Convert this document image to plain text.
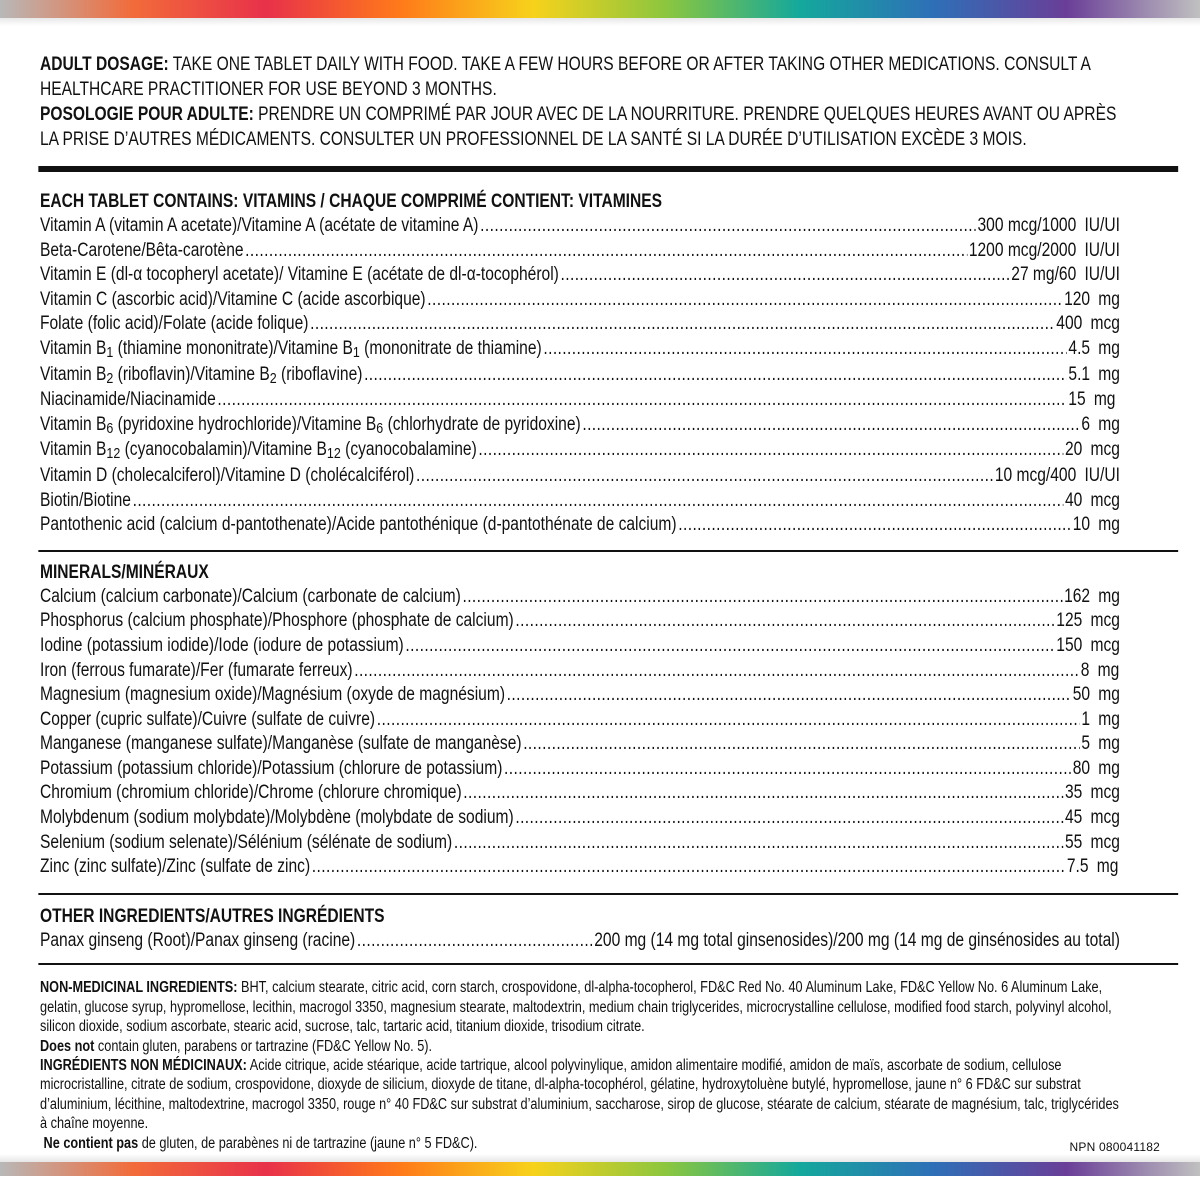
ADULT DOSAGE: TAKE ONE TABLET DAILY WITH FOOD. TAKE A FEW HOURS BEFORE OR AFTER TAKING OTHER MEDICATIONS. CONSULT A HEALTHCARE PRACTITIONER FOR USE BEYOND 3 MONTHS.

POSOLOGIE POUR ADULTE: PRENDRE UN COMPRIMÉ PAR JOUR AVEC DE LA NOURRITURE. PRENDRE QUELQUES HEURES AVANT OU APRÈS LA PRISE D’AUTRES MÉDICAMENTS. CONSULTER UN PROFESSIONNEL DE LA SANTÉ SI LA DURÉE D’UTILISATION EXCÈDE 3 MOIS.

EACH TABLET CONTAINS: VITAMINS / CHAQUE COMPRIMÉ CONTIENT: VITAMINES
Vitamin A (vitamin A acetate)/Vitamine A (acétate de vitamine A) .....	300 mcg/1000 IU/UI
Beta-Carotene/Bêta-carotène .....	1200 mcg/2000 IU/UI
Vitamin E (dl-α tocopheryl acetate)/ Vitamine E (acétate de dl-α-tocophérol) .....	27 mg/60 IU/UI
Vitamin C (ascorbic acid)/Vitamine C (acide ascorbique) .....	120 mg
Folate (folic acid)/Folate (acide folique) .....	400 mcg
Vitamin $B_1$ (thiamine mononitrate)/Vitamine $B_1$ (mononitrate de thiamine) .....	4.5 mg
Vitamin $B_2$ (riboflavin)/Vitamine $B_2$ (riboflavine) .....	5.1 mg
Niacinamide/Niacinamide .....	15 mg
Vitamin $B_6$ (pyridoxine hydrochloride)/Vitamine $B_6$ (chlorhydrate de pyridoxine) .....	6 mg
Vitamin $B_{12}$ (cyanocobalamin)/Vitamine $B_{12}$ (cyanocobalamine) .....	20 mcg
Vitamin D (cholecalciferol)/Vitamine D (cholécalciférol) .....	10 mcg/400 IU/UI
Biotin/Biotine .....	40 mcg
Pantothenic acid (calcium d-pantothenate)/Acide pantothénique (d-pantothénate de calcium) .....	10 mg
MINERALS/MINÉRAUX
Calcium (calcium carbonate)/Calcium (carbonate de calcium) .....	162 mg
Phosphorus (calcium phosphate)/Phosphore (phosphate de calcium) .....	125 mcg
Iodine (potassium iodide)/Iode (iodure de potassium) .....	150 mcg
Iron (ferrous fumarate)/Fer (fumarate ferreux) .....	8 mg
Magnesium (magnesium oxide)/Magnésium (oxyde de magnésium) .....	50 mg
Copper (cupric sulfate)/Cuivre (sulfate de cuivre) .....	1 mg
Manganese (manganese sulfate)/Manganèse (sulfate de manganèse) .....	5 mg
Potassium (potassium chloride)/Potassium (chlorure de potassium) .....	80 mg
Chromium (chromium chloride)/Chrome (chlorure chromique) .....	35 mcg
Molybdenum (sodium molybdate)/Molybdène (molybdate de sodium) .....	45 mcg
Selenium (sodium selenate)/Sélénium (sélénate de sodium) .....	55 mcg
Zinc (zinc sulfate)/Zinc (sulfate de zinc) .....	7.5 mg
OTHER INGREDIENTS/AUTRES INGRÉDIENTS
Panax ginseng (Root)/Panax ginseng (racine) .....	200 mg (14 mg total ginsenosides)/200 mg (14 mg de ginsénosides au total)

NON-MEDICINAL INGREDIENTS: BHT, calcium stearate, citric acid, corn starch, crospovidone, dl-alpha-tocopherol, FD&C Red No. 40 Aluminum Lake, FD&C Yellow No. 6 Aluminum Lake, gelatin, glucose syrup, hypromellose, lecithin, macrogol 3350, magnesium stearate, maltodextrin, medium chain triglycerides, microcrystalline cellulose, modified food starch, polyvinyl alcohol, silicon dioxide, sodium ascorbate, stearic acid, sucrose, talc, tartaric acid, titanium dioxide, trisodium citrate.

Does not contain gluten, parabens or tartrazine (FD&C Yellow No. 5).

INGRÉDIENTS NON MÉDICINAUX: Acide citrique, acide stéarique, acide tartrique, alcool polyvinylique, amidon alimentaire modifié, amidon de maïs, ascorbate de sodium, cellulose microcristalline, citrate de sodium, crospovidone, dioxyde de silicium, dioxyde de titane, dl-alpha-tocophérol, gélatine, hydroxytoluène butylé, hypromellose, jaune n° 6 FD&C sur substrat d’aluminium, lécithine, maltodextrine, macrogol 3350, rouge n° 40 FD&C sur substrat d’aluminium, saccharose, sirop de glucose, stéarate de calcium, stéarate de magnésium, talc, triglycérides à chaîne moyenne.

Ne contient pas de gluten, de parabènes ni de tartrazine (jaune n° 5 FD&C).	NPN 080041182
